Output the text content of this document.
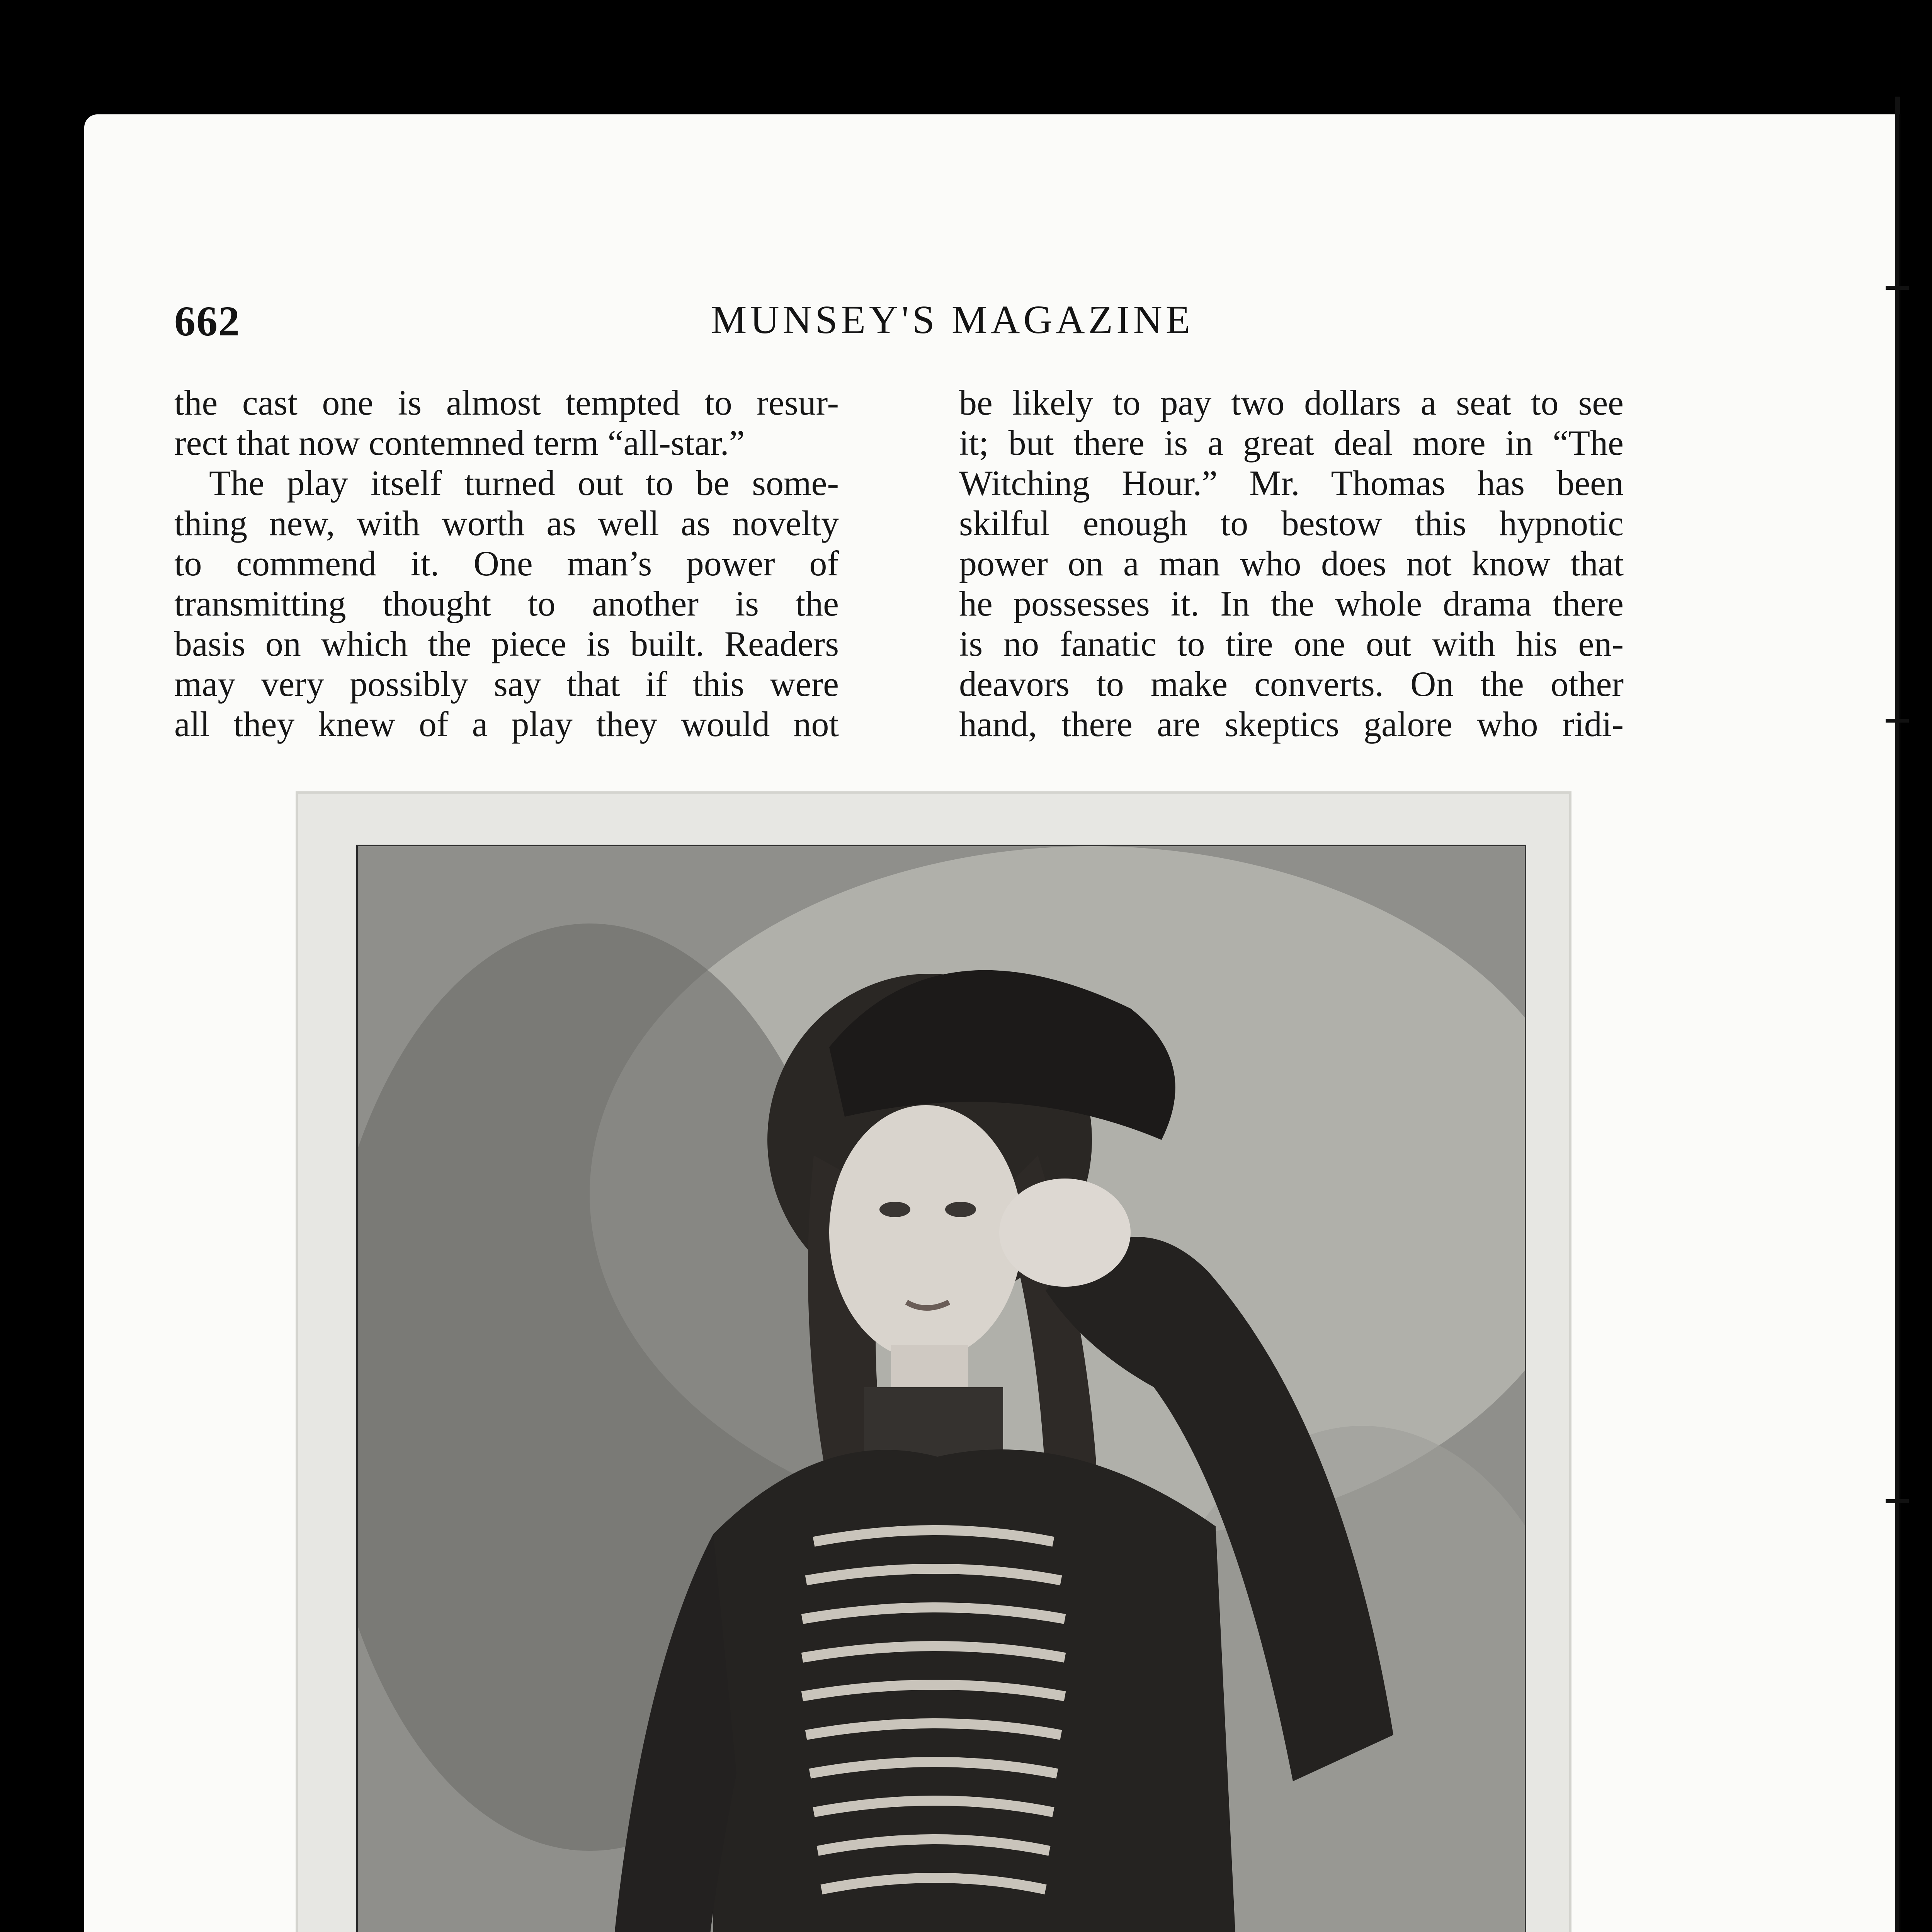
662	MUNSEY'S MAGAZINE
the cast one is almost tempted to resur-
rect that now contemned term “all-star.”
The play itself turned out to be some-
thing new, with worth as well as novelty
to commend it. One man’s power of
transmitting thought to another is the
basis on which the piece is built. Readers
may very possibly say that if this were
all they knew of a play they would not
be likely to pay two dollars a seat to see
it; but there is a great deal more in “The
Witching Hour.” Mr. Thomas has been
skilful enough to bestow this hypnotic
power on a man who does not know that
he possesses it. In the whole drama there
is no fanatic to tire one out with his en-
deavors to make converts. On the other
hand, there are skeptics galore who ridi-
